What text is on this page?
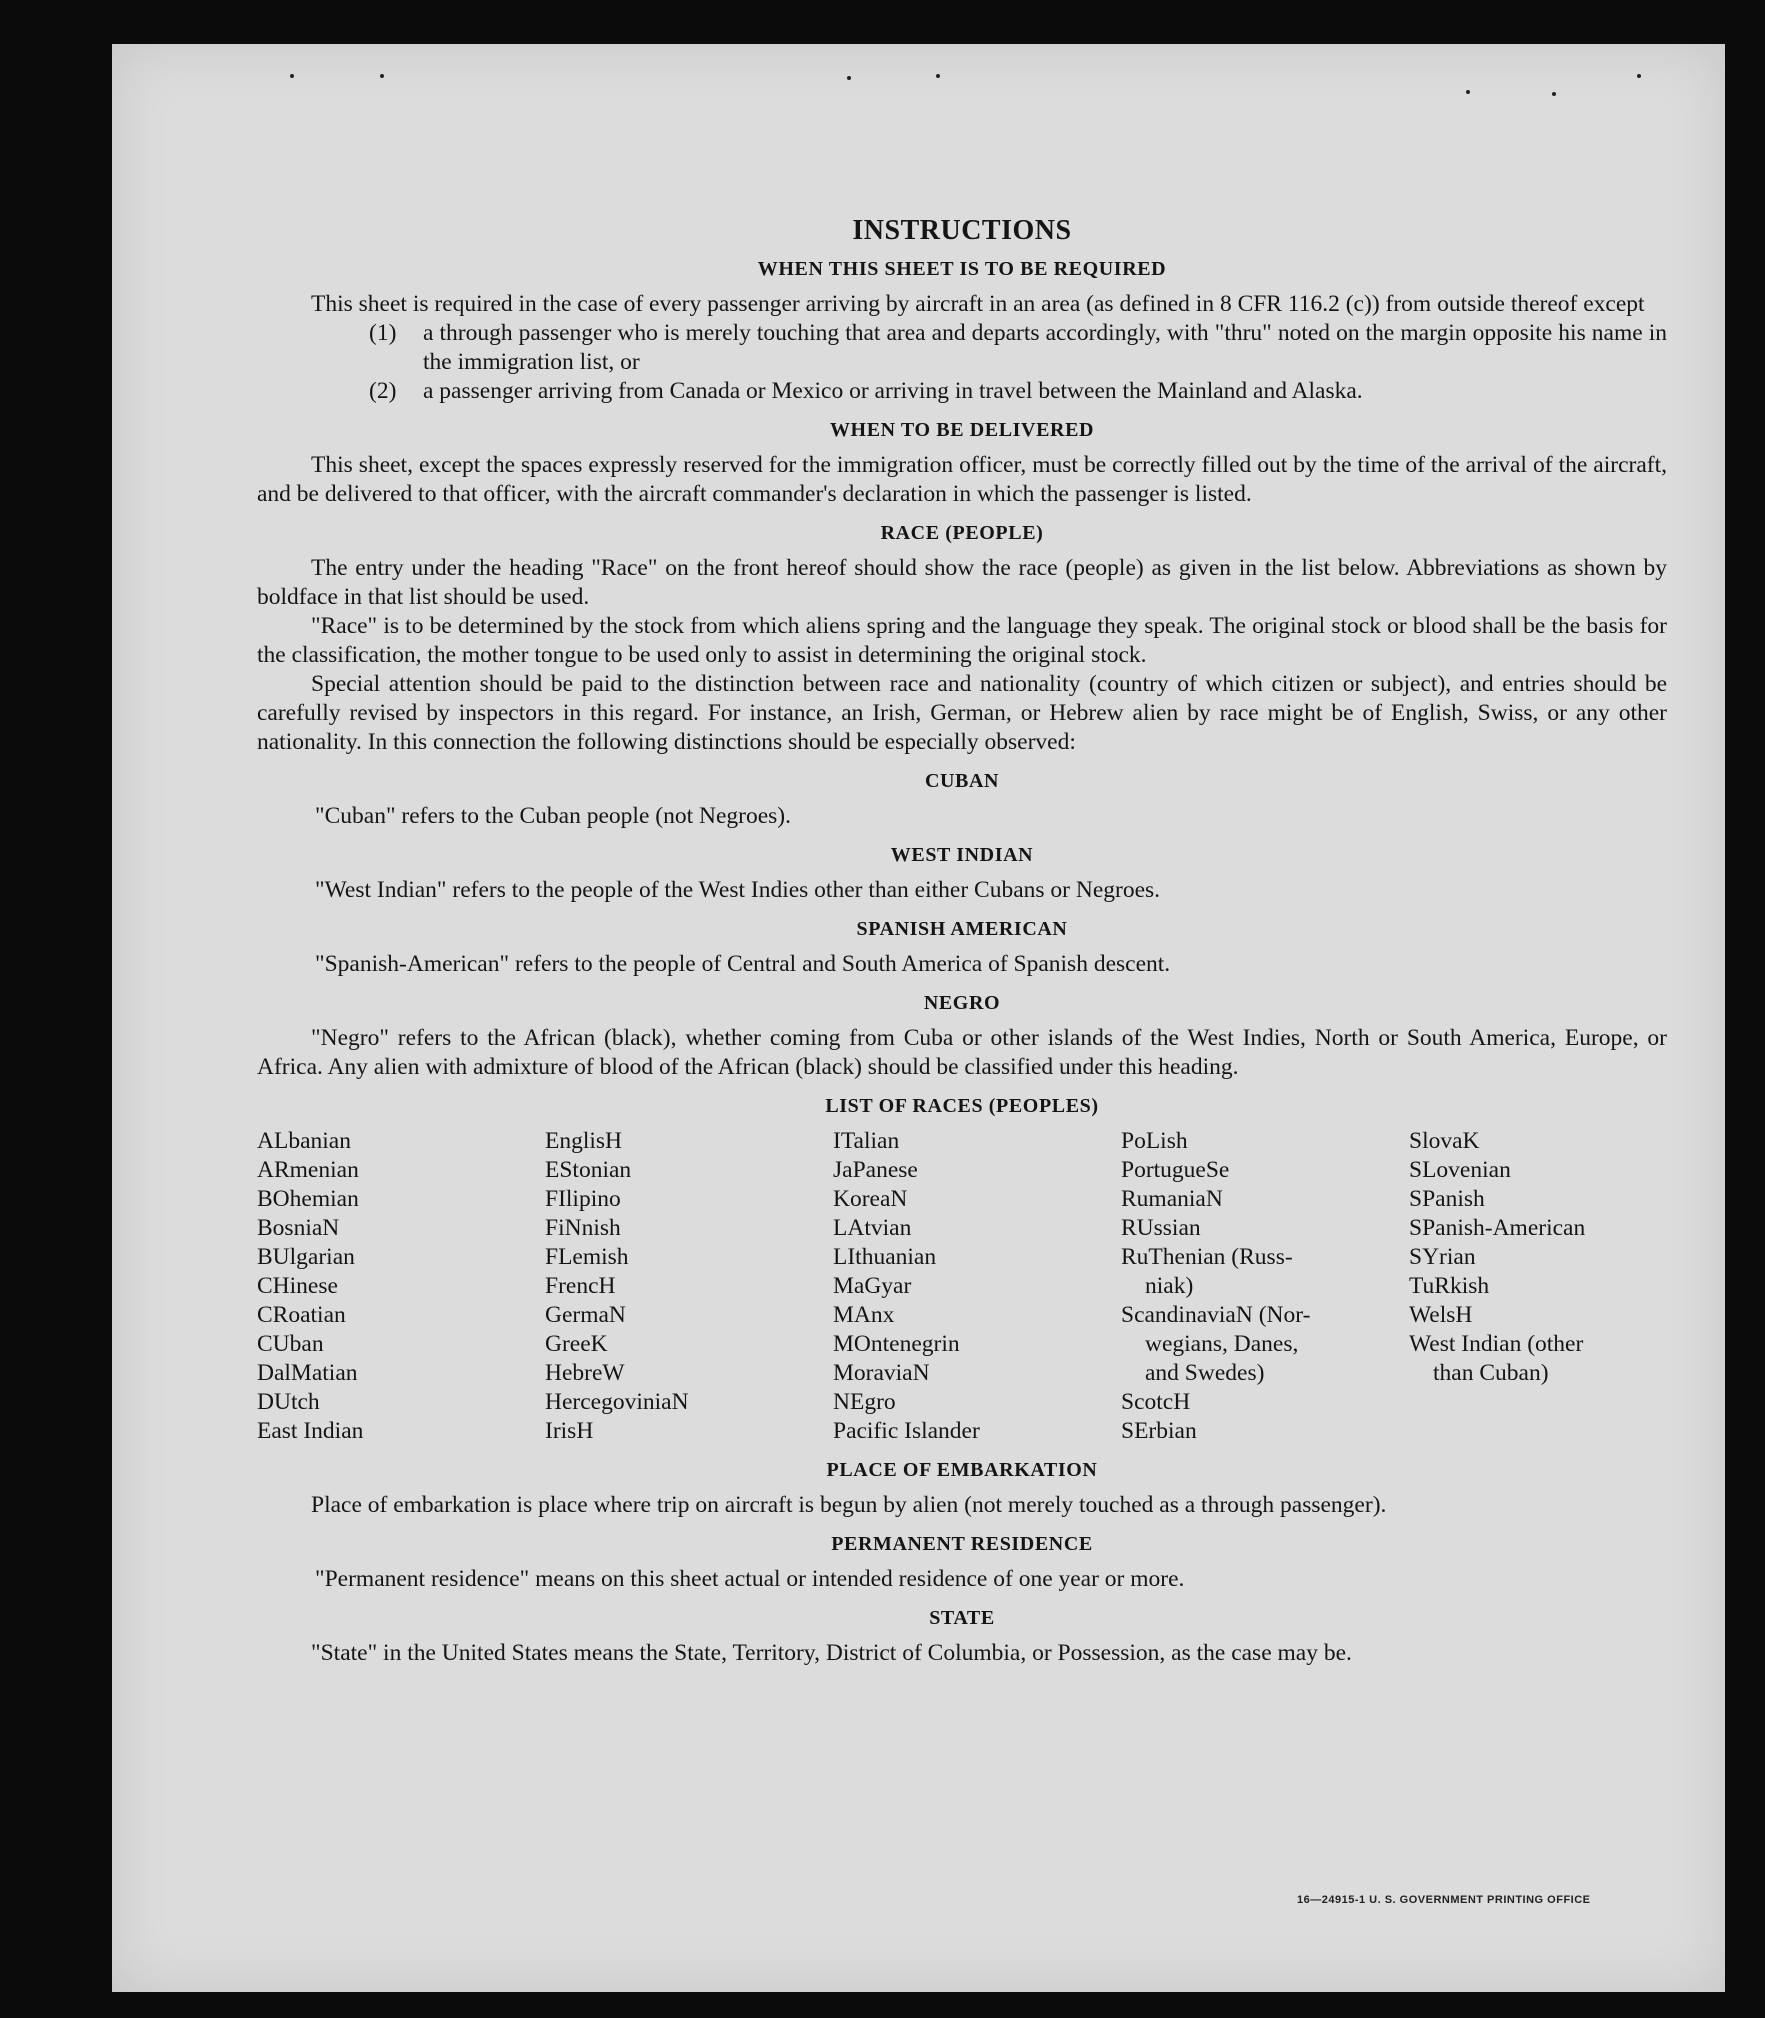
INSTRUCTIONS
WHEN THIS SHEET IS TO BE REQUIRED

This sheet is required in the case of every passenger arriving by aircraft in an area (as defined in 8 CFR 116.2 (c)) from outside thereof except

(1)	a through passenger who is merely touching that area and departs accordingly, with "thru" noted on the margin opposite his name in the immigration list, or
(2)	a passenger arriving from Canada or Mexico or arriving in travel between the Mainland and Alaska.
WHEN TO BE DELIVERED

This sheet, except the spaces expressly reserved for the immigration officer, must be correctly filled out by the time of the arrival of the aircraft, and be delivered to that officer, with the aircraft commander's declaration in which the passenger is listed.

RACE (PEOPLE)

The entry under the heading "Race" on the front hereof should show the race (people) as given in the list below. Abbreviations as shown by boldface in that list should be used.

"Race" is to be determined by the stock from which aliens spring and the language they speak. The original stock or blood shall be the basis for the classification, the mother tongue to be used only to assist in determining the original stock.

Special attention should be paid to the distinction between race and nationality (country of which citizen or subject), and entries should be carefully revised by inspectors in this regard. For instance, an Irish, German, or Hebrew alien by race might be of English, Swiss, or any other nationality. In this connection the following distinctions should be especially observed:

CUBAN

"Cuban" refers to the Cuban people (not Negroes).

WEST INDIAN

"West Indian" refers to the people of the West Indies other than either Cubans or Negroes.

SPANISH AMERICAN

"Spanish-American" refers to the people of Central and South America of Spanish descent.

NEGRO

"Negro" refers to the African (black), whether coming from Cuba or other islands of the West Indies, North or South America, Europe, or Africa. Any alien with admixture of blood of the African (black) should be classified under this heading.

LIST OF RACES (PEOPLES)
ALbanian
ARmenian
BOhemian
BosniaN
BUlgarian
CHinese
CRoatian
CUban
DalMatian
DUtch
East Indian
EnglisH
EStonian
FIlipino
FiNnish
FLemish
FrencH
GermaN
GreeK
HebreW
HercegoviniaN
IrisH
ITalian
JaPanese
KoreaN
LAtvian
LIthuanian
MaGyar
MAnx
MOntenegrin
MoraviaN
NEgro
Pacific Islander
PoLish
PortugueSe
RumaniaN
RUssian
RuThenian (Russ-
niak)
ScandinaviaN (Nor-
wegians, Danes,
and Swedes)
ScotcH
SErbian
SlovaK
SLovenian
SPanish
SPanish-American
SYrian
TuRkish
WelsH
West Indian (other
than Cuban)
PLACE OF EMBARKATION

Place of embarkation is place where trip on aircraft is begun by alien (not merely touched as a through passenger).

PERMANENT RESIDENCE

"Permanent residence" means on this sheet actual or intended residence of one year or more.

STATE

"State" in the United States means the State, Territory, District of Columbia, or Possession, as the case may be.

16—24915-1 U. S. GOVERNMENT PRINTING OFFICE
